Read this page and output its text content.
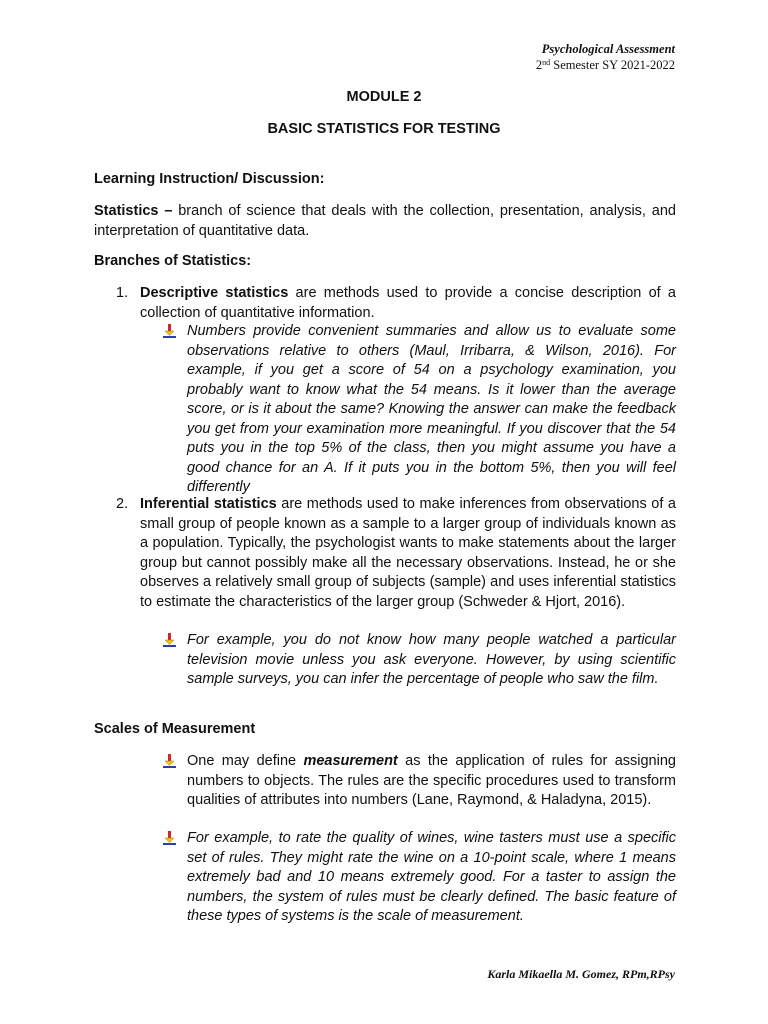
Psychological Assessment
2nd Semester SY 2021-2022
MODULE 2
BASIC STATISTICS FOR TESTING
Learning Instruction/ Discussion:
Statistics – branch of science that deals with the collection, presentation, analysis, and interpretation of quantitative data.
Branches of Statistics:
1. Descriptive statistics are methods used to provide a concise description of a collection of quantitative information.
Numbers provide convenient summaries and allow us to evaluate some observations relative to others (Maul, Irribarra, & Wilson, 2016). For example, if you get a score of 54 on a psychology examination, you probably want to know what the 54 means. Is it lower than the average score, or is it about the same? Knowing the answer can make the feedback you get from your examination more meaningful. If you discover that the 54 puts you in the top 5% of the class, then you might assume you have a good chance for an A. If it puts you in the bottom 5%, then you will feel differently
2. Inferential statistics are methods used to make inferences from observations of a small group of people known as a sample to a larger group of individuals known as a population. Typically, the psychologist wants to make statements about the larger group but cannot possibly make all the necessary observations. Instead, he or she observes a relatively small group of subjects (sample) and uses inferential statistics to estimate the characteristics of the larger group (Schweder & Hjort, 2016).
For example, you do not know how many people watched a particular television movie unless you ask everyone. However, by using scientific sample surveys, you can infer the percentage of people who saw the film.
Scales of Measurement
One may define measurement as the application of rules for assigning numbers to objects. The rules are the specific procedures used to transform qualities of attributes into numbers (Lane, Raymond, & Haladyna, 2015).
For example, to rate the quality of wines, wine tasters must use a specific set of rules. They might rate the wine on a 10-point scale, where 1 means extremely bad and 10 means extremely good. For a taster to assign the numbers, the system of rules must be clearly defined. The basic feature of these types of systems is the scale of measurement.
Karla Mikaella M. Gomez, RPm,RPsy
